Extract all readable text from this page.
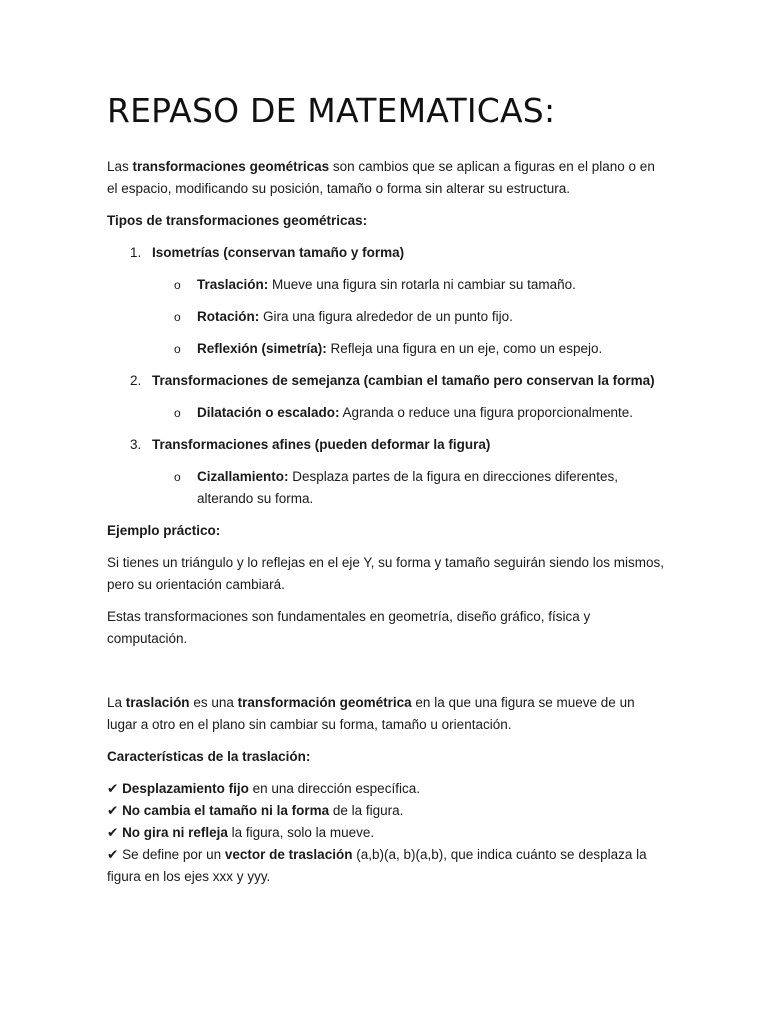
REPASO DE MATEMATICAS:

Las transformaciones geométricas son cambios que se aplican a figuras en el plano o en el espacio, modificando su posición, tamaño o forma sin alterar su estructura.

Tipos de transformaciones geométricas:

1. Isometrías (conservan tamaño y forma)

o Traslación: Mueve una figura sin rotarla ni cambiar su tamaño.

o Rotación: Gira una figura alrededor de un punto fijo.

o Reflexión (simetría): Refleja una figura en un eje, como un espejo.

2. Transformaciones de semejanza (cambian el tamaño pero conservan la forma)

o Dilatación o escalado: Agranda o reduce una figura proporcionalmente.

3. Transformaciones afines (pueden deformar la figura)

o Cizallamiento: Desplaza partes de la figura en direcciones diferentes, alterando su forma.

Ejemplo práctico:

Si tienes un triángulo y lo reflejas en el eje Y, su forma y tamaño seguirán siendo los mismos, pero su orientación cambiará.

Estas transformaciones son fundamentales en geometría, diseño gráfico, física y computación.

La traslación es una transformación geométrica en la que una figura se mueve de un lugar a otro en el plano sin cambiar su forma, tamaño u orientación.

Características de la traslación:

✔ Desplazamiento fijo en una dirección específica.

✔ No cambia el tamaño ni la forma de la figura.

✔ No gira ni refleja la figura, solo la mueve.

✔ Se define por un vector de traslación (a,b)(a, b)(a,b), que indica cuánto se desplaza la figura en los ejes xxx y yyy.
